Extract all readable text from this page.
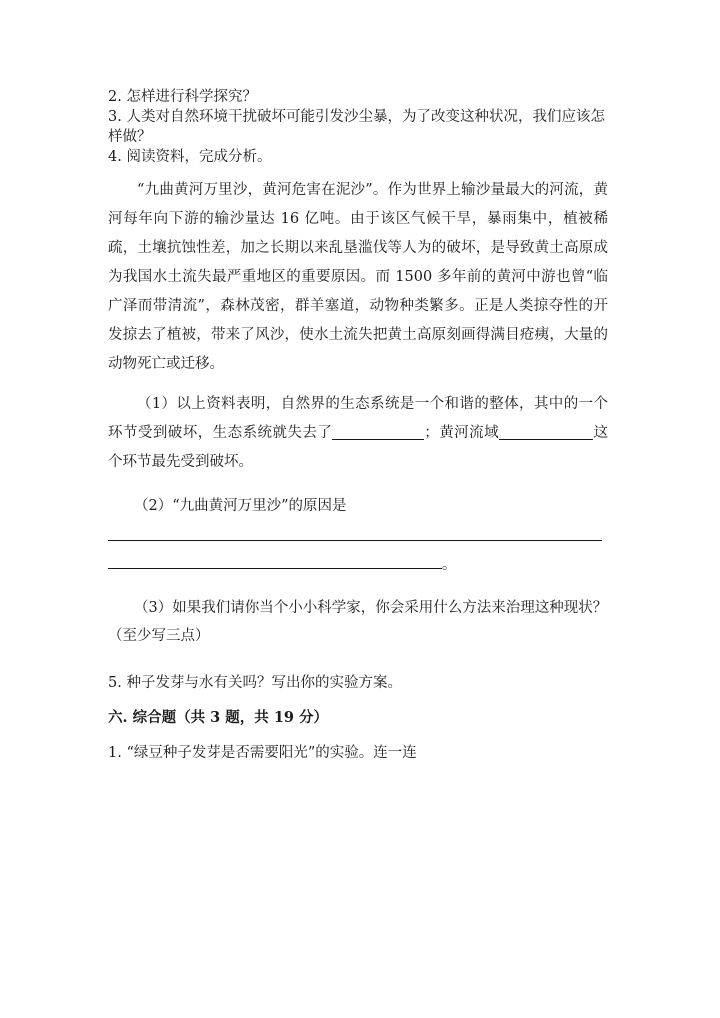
2. 怎样进行科学探究？
3. 人类对自然环境干扰破坏可能引发沙尘暴，为了改变这种状况，我们应该怎
样做？
4. 阅读资料，完成分析。
“九曲黄河万里沙，黄河危害在泥沙”。作为世界上输沙量最大的河流，黄河每年向下游的输沙量达 16 亿吨。由于该区气候干旱，暴雨集中，植被稀疏，土壤抗蚀性差，加之长期以来乱垦滥伐等人为的破坏，是导致黄土高原成为我国水土流失最严重地区的重要原因。而 1500 多年前的黄河中游也曾“临广泽而带清流”，森林茂密，群羊塞道，动物种类繁多。正是人类掠夺性的开发掠去了植被，带来了风沙，使水土流失把黄土高原刻画得满目疮痍，大量的动物死亡或迁移。
（1）以上资料表明，自然界的生态系统是一个和谐的整体，其中的一个环节受到破坏，生态系统就失去了	；黄河流域	这个环节最先受到破坏。
（2）“九曲黄河万里沙”的原因是
。
（3）如果我们请你当个小小科学家，你会采用什么方法来治理这种现状？
（至少写三点）
5. 种子发芽与水有关吗？写出你的实验方案。
六. 综合题（共 3 题，共 19 分）
1. “绿豆种子发芽是否需要阳光”的实验。连一连
